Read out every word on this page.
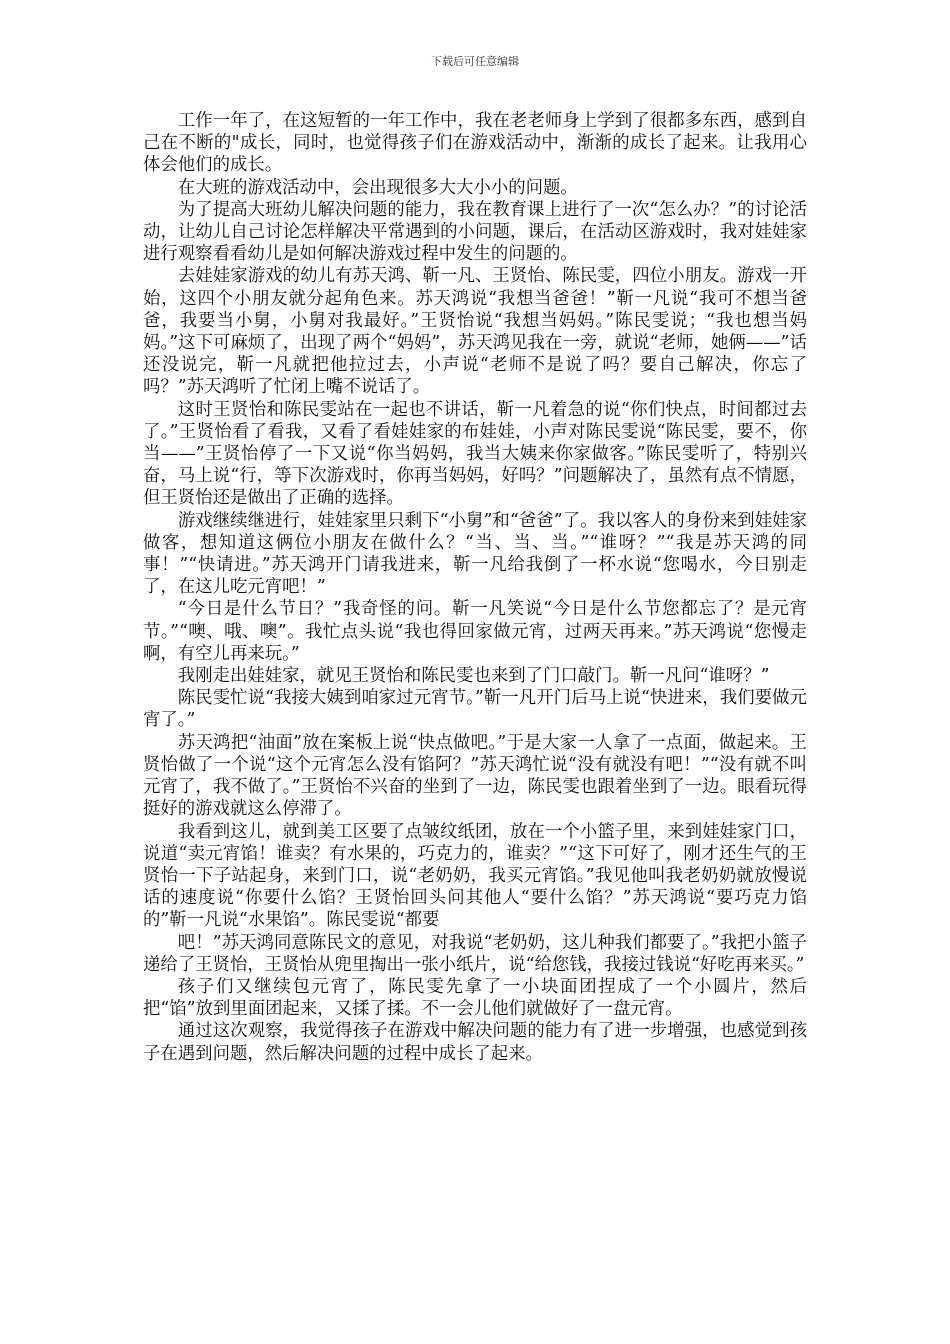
下载后可任意编辑

工作一年了，在这短暂的一年工作中，我在老老师身上学到了很都多东西，感到自己在不断的"成长，同时，也觉得孩子们在游戏活动中，渐渐的成长了起来。让我用心体会他们的成长。

在大班的游戏活动中，会出现很多大大小小的问题。

为了提高大班幼儿解决问题的能力，我在教育课上进行了一次“怎么办？”的讨论活动，让幼儿自己讨论怎样解决平常遇到的小问题，课后，在活动区游戏时，我对娃娃家进行观察看看幼儿是如何解决游戏过程中发生的问题的。

去娃娃家游戏的幼儿有苏天鸿、靳一凡、王贤怡、陈民雯，四位小朋友。游戏一开始，这四个小朋友就分起角色来。苏天鸿说“我想当爸爸！”靳一凡说“我可不想当爸爸，我要当小舅，小舅对我最好。”王贤怡说“我想当妈妈。”陈民雯说；“我也想当妈妈。”这下可麻烦了，出现了两个“妈妈”，苏天鸿见我在一旁，就说“老师，她俩——”话还没说完，靳一凡就把他拉过去，小声说“老师不是说了吗？要自己解决，你忘了吗？”苏天鸿听了忙闭上嘴不说话了。

这时王贤怡和陈民雯站在一起也不讲话，靳一凡着急的说“你们快点，时间都过去了。”王贤怡看了看我，又看了看娃娃家的布娃娃，小声对陈民雯说“陈民雯，要不，你当——”王贤怡停了一下又说“你当妈妈，我当大姨来你家做客。”陈民雯听了，特别兴奋，马上说“行，等下次游戏时，你再当妈妈，好吗？”问题解决了，虽然有点不情愿，但王贤怡还是做出了正确的选择。

游戏继续继进行，娃娃家里只剩下“小舅”和“爸爸”了。我以客人的身份来到娃娃家做客，想知道这俩位小朋友在做什么？“当、当、当。”“谁呀？”“我是苏天鸿的同事！”“快请进。”苏天鸿开门请我进来，靳一凡给我倒了一杯水说“您喝水，今日别走了，在这儿吃元宵吧！”

“今日是什么节日？”我奇怪的问。靳一凡笑说“今日是什么节您都忘了？是元宵节。”“噢、哦、噢”。我忙点头说“我也得回家做元宵，过两天再来。”苏天鸿说“您慢走啊，有空儿再来玩。”

我刚走出娃娃家，就见王贤怡和陈民雯也来到了门口敲门。靳一凡问“谁呀？”

陈民雯忙说“我接大姨到咱家过元宵节。”靳一凡开门后马上说“快进来，我们要做元宵了。”

苏天鸿把“油面”放在案板上说“快点做吧。”于是大家一人拿了一点面，做起来。王贤怡做了一个说“这个元宵怎么没有馅阿？”苏天鸿忙说“没有就没有吧！”“没有就不叫元宵了，我不做了。”王贤怡不兴奋的坐到了一边，陈民雯也跟着坐到了一边。眼看玩得挺好的游戏就这么停滞了。

我看到这儿，就到美工区要了点皱纹纸团，放在一个小篮子里，来到娃娃家门口，说道“卖元宵馅！谁卖？有水果的，巧克力的，谁卖？”“这下可好了，刚才还生气的王贤怡一下子站起身，来到门口，说“老奶奶，我买元宵馅。”我见他叫我老奶奶就放慢说话的速度说“你要什么馅？王贤怡回头问其他人“要什么馅？”苏天鸿说“要巧克力馅的”靳一凡说“水果馅”。陈民雯说“都要

吧！”苏天鸿同意陈民文的意见，对我说“老奶奶，这儿种我们都要了。”我把小篮子递给了王贤怡，王贤怡从兜里掏出一张小纸片，说“给您钱，我接过钱说“好吃再来买。”

孩子们又继续包元宵了，陈民雯先拿了一小块面团捏成了一个小圆片，然后把“馅”放到里面团起来，又揉了揉。不一会儿他们就做好了一盘元宵。

通过这次观察，我觉得孩子在游戏中解决问题的能力有了进一步增强，也感觉到孩子在遇到问题，然后解决问题的过程中成长了起来。
